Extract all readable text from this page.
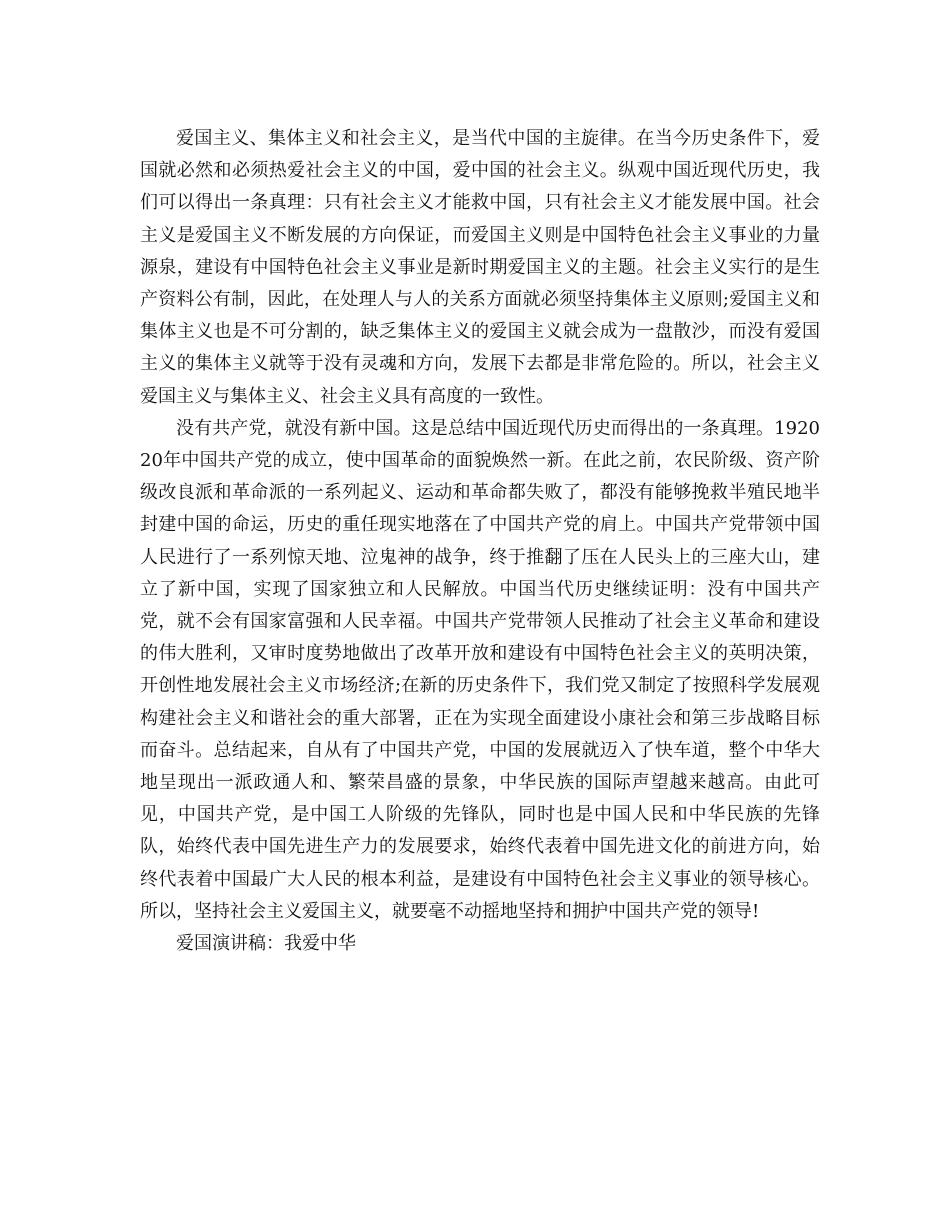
爱国主义、集体主义和社会主义，是当代中国的主旋律。在当今历史条件下，爱国就必然和必须热爱社会主义的中国，爱中国的社会主义。纵观中国近现代历史，我们可以得出一条真理：只有社会主义才能救中国，只有社会主义才能发展中国。社会主义是爱国主义不断发展的方向保证，而爱国主义则是中国特色社会主义事业的力量源泉，建设有中国特色社会主义事业是新时期爱国主义的主题。社会主义实行的是生产资料公有制，因此，在处理人与人的关系方面就必须坚持集体主义原则;爱国主义和集体主义也是不可分割的，缺乏集体主义的爱国主义就会成为一盘散沙，而没有爱国主义的集体主义就等于没有灵魂和方向，发展下去都是非常危险的。所以，社会主义爱国主义与集体主义、社会主义具有高度的一致性。

没有共产党，就没有新中国。这是总结中国近现代历史而得出的一条真理。192020年中国共产党的成立，使中国革命的面貌焕然一新。在此之前，农民阶级、资产阶级改良派和革命派的一系列起义、运动和革命都失败了，都没有能够挽救半殖民地半封建中国的命运，历史的重任现实地落在了中国共产党的肩上。中国共产党带领中国人民进行了一系列惊天地、泣鬼神的战争，终于推翻了压在人民头上的三座大山，建立了新中国，实现了国家独立和人民解放。中国当代历史继续证明：没有中国共产党，就不会有国家富强和人民幸福。中国共产党带领人民推动了社会主义革命和建设的伟大胜利，又审时度势地做出了改革开放和建设有中国特色社会主义的英明决策，开创性地发展社会主义市场经济;在新的历史条件下，我们党又制定了按照科学发展观构建社会主义和谐社会的重大部署，正在为实现全面建设小康社会和第三步战略目标而奋斗。总结起来，自从有了中国共产党，中国的发展就迈入了快车道，整个中华大地呈现出一派政通人和、繁荣昌盛的景象，中华民族的国际声望越来越高。由此可见，中国共产党，是中国工人阶级的先锋队，同时也是中国人民和中华民族的先锋队，始终代表中国先进生产力的发展要求，始终代表着中国先进文化的前进方向，始终代表着中国最广大人民的根本利益，是建设有中国特色社会主义事业的领导核心。所以，坚持社会主义爱国主义，就要毫不动摇地坚持和拥护中国共产党的领导!

爱国演讲稿：我爱中华
